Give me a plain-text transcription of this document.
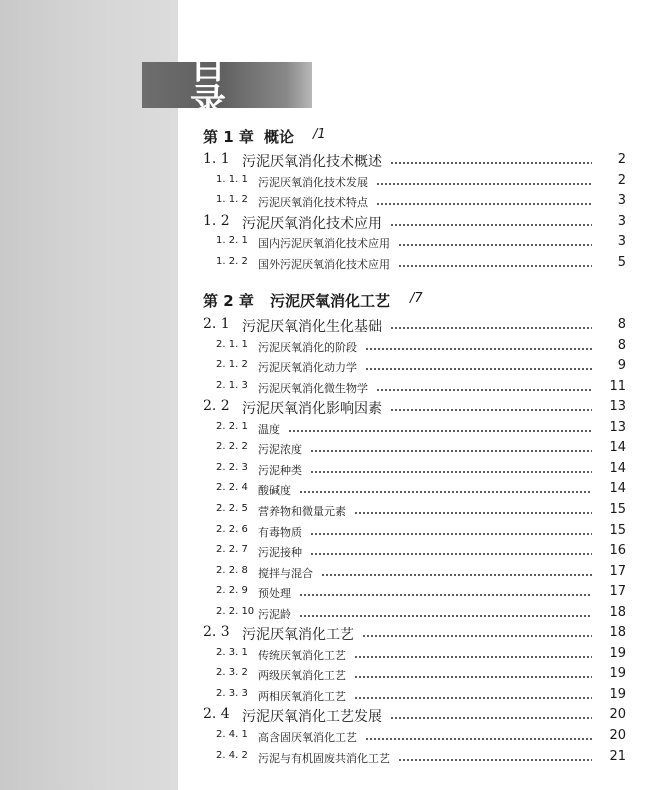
目 录
第 1 章 概论 /1
1. 1 污泥厌氧消化技术概述	2
1. 1. 1 污泥厌氧消化技术发展	2
1. 1. 2 污泥厌氧消化技术特点	3
1. 2 污泥厌氧消化技术应用	3
1. 2. 1 国内污泥厌氧消化技术应用	3
1. 2. 2 国外污泥厌氧消化技术应用	5
第 2 章 污泥厌氧消化工艺 /7
2. 1 污泥厌氧消化生化基础	8
2. 1. 1 污泥厌氧消化的阶段	8
2. 1. 2 污泥厌氧消化动力学	9
2. 1. 3 污泥厌氧消化微生物学	11
2. 2 污泥厌氧消化影响因素	13
2. 2. 1 温度	13
2. 2. 2 污泥浓度	14
2. 2. 3 污泥种类	14
2. 2. 4 酸碱度	14
2. 2. 5 营养物和微量元素	15
2. 2. 6 有毒物质	15
2. 2. 7 污泥接种	16
2. 2. 8 搅拌与混合	17
2. 2. 9 预处理	17
2. 2. 10 污泥龄	18
2. 3 污泥厌氧消化工艺	18
2. 3. 1 传统厌氧消化工艺	19
2. 3. 2 两级厌氧消化工艺	19
2. 3. 3 两相厌氧消化工艺	19
2. 4 污泥厌氧消化工艺发展	20
2. 4. 1 高含固厌氧消化工艺	20
2. 4. 2 污泥与有机固废共消化工艺	21
